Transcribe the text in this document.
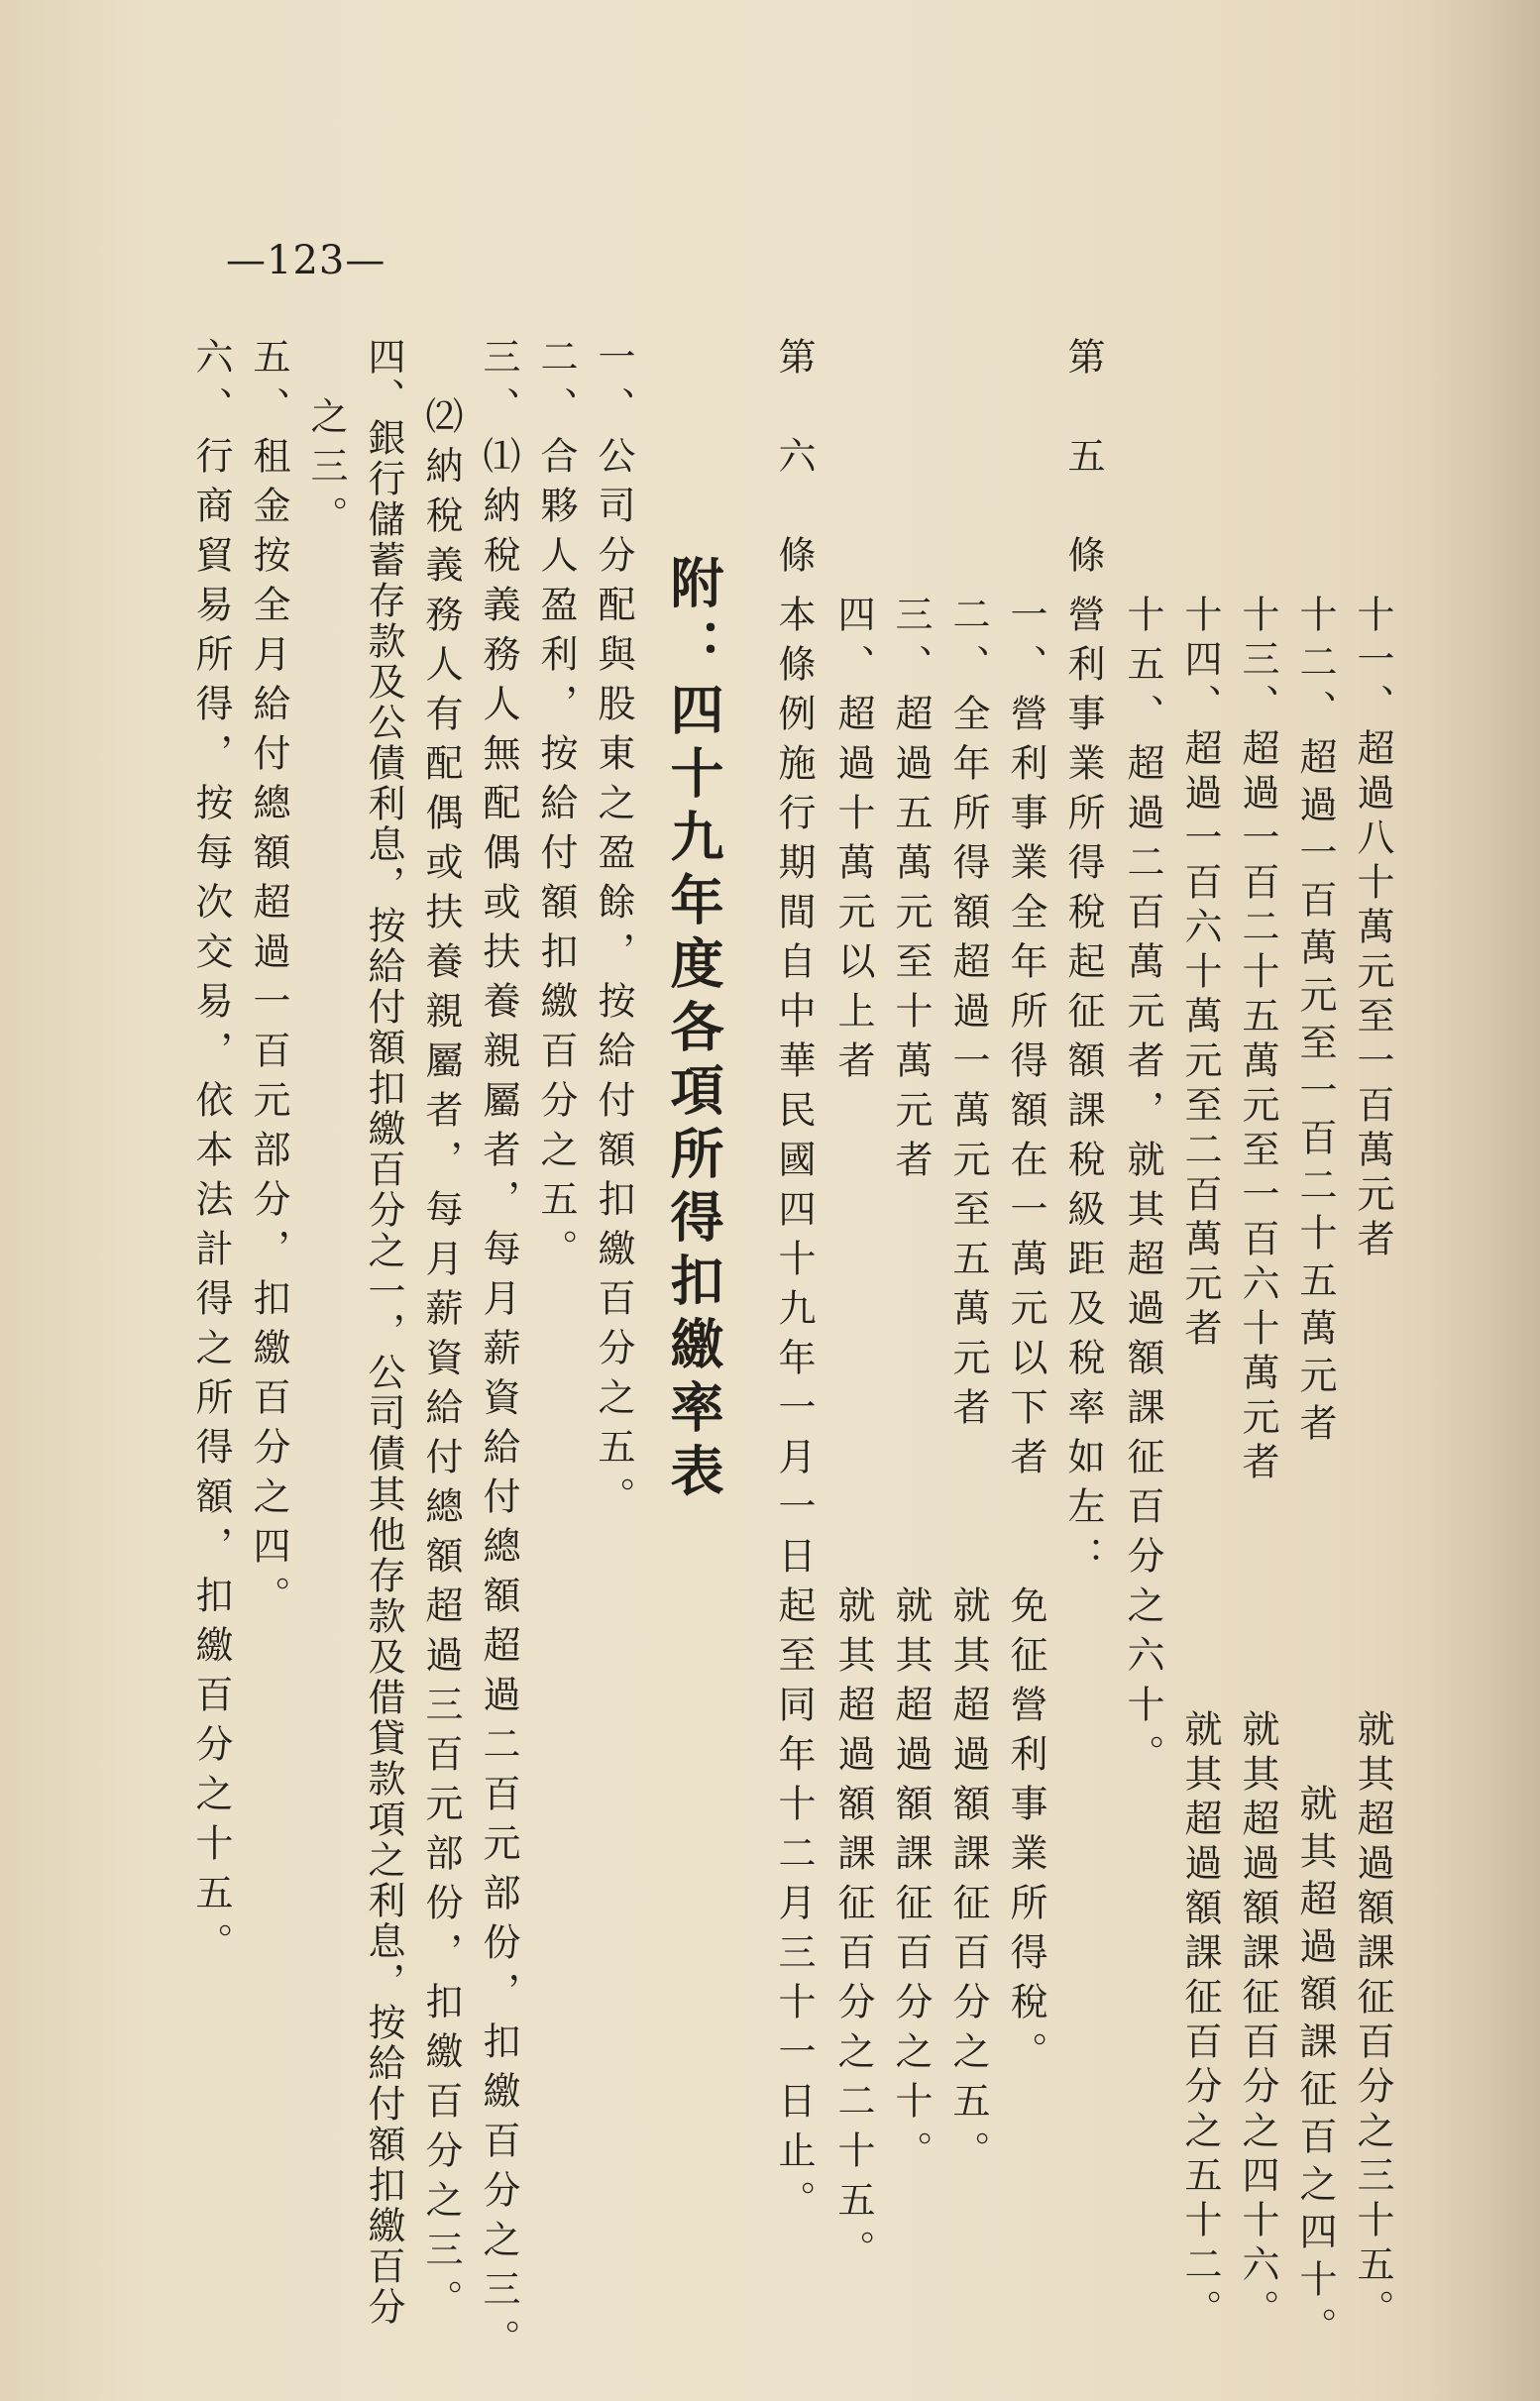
—123—
十一、超過八十萬元至一百萬元者　　　　　　　　　　就其超過額課征百分之三十五。
十二、超過一百萬元至一百二十五萬元者　　　　　　　就其超過額課征百之四十。
十三、超過一百二十五萬元至一百六十萬元者　　　　　就其超過額課征百分之四十六。
十四、超過一百六十萬元至二百萬元者　　　　　　　　就其超過額課征百分之五十二。
十五、超過二百萬元者，就其超過額課征百分之六十。
第　五　條
營利事業所得稅起征額課稅級距及稅率如左：
一、營利事業全年所得額在一萬元以下者　　免征營利事業所得稅。
二、全年所得額超過一萬元至五萬元者　　　就其超過額課征百分之五。
三、超過五萬元至十萬元者　　　　　　　　就其超過額課征百分之十。
四、超過十萬元以上者　　　　　　　　　　就其超過額課征百分之二十五。
第　六　條
本條例施行期間自中華民國四十九年一月一日起至同年十二月三十一日止。
一、公司分配與股東之盈餘，按給付額扣繳百分之五。
二、合夥人盈利，按給付額扣繳百分之五。
三、⑴納稅義務人無配偶或扶養親屬者，每月薪資給付總額超過二百元部份，扣繳百分之三。
⑵納稅義務人有配偶或扶養親屬者，每月薪資給付總額超過三百元部份，扣繳百分之三。
四、銀行儲蓄存款及公債利息，按給付額扣繳百分之一，公司債其他存款及借貸款項之利息，按給付額扣繳百分
之三。
五、租金按全月給付總額超過一百元部分，扣繳百分之四。
六、行商貿易所得，按每次交易，依本法計得之所得額，扣繳百分之十五。	附：四十九年度各項所得扣繳率表
